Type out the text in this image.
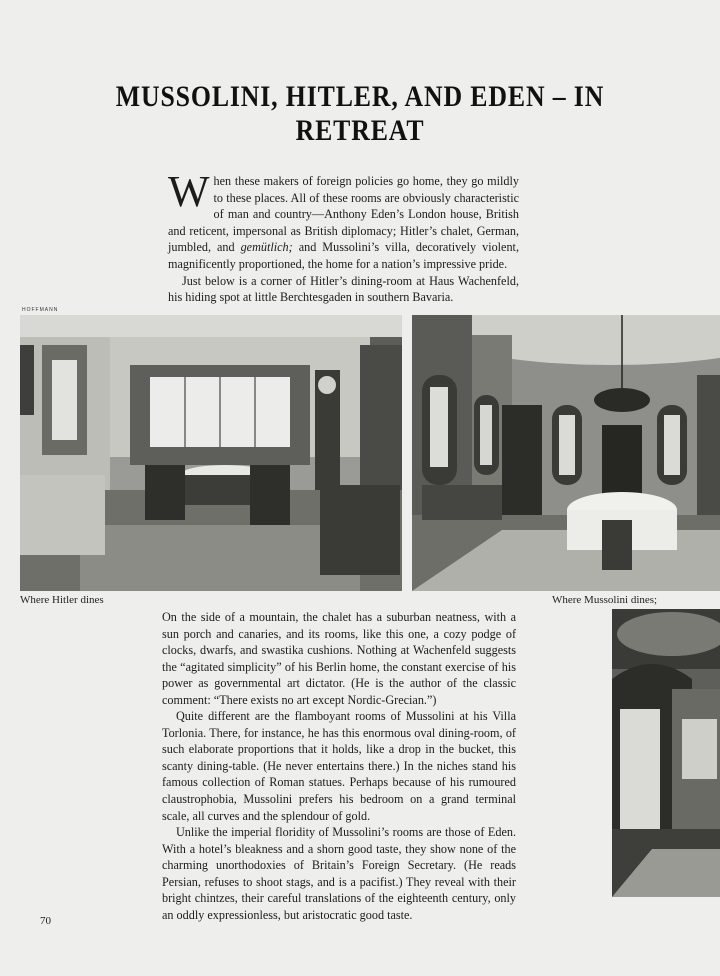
MUSSOLINI, HITLER, AND EDEN – IN RETREAT

When these makers of foreign policies go home, they go mildly to these places. All of these rooms are obviously characteristic of man and country—Anthony Eden’s London house, British and reticent, impersonal as British diplomacy; Hitler’s chalet, German, jumbled, and gemütlich; and Mussolini’s villa, decoratively violent, magnificently proportioned, the home for a nation’s impressive pride.

Just below is a corner of Hitler’s dining-room at Haus Wachenfeld, his hiding spot at little Berchtesgaden in southern Bavaria.

HOFFMANN
Where Hitler dines	Where Mussolini dines;

On the side of a mountain, the chalet has a suburban neatness, with a sun porch and canaries, and its rooms, like this one, a cozy podge of clocks, dwarfs, and swastika cushions. Nothing at Wachenfeld suggests the “agitated simplicity” of his Berlin home, the constant exercise of his power as governmental art dictator. (He is the author of the classic comment: “There exists no art except Nordic-Grecian.”)

Quite different are the flamboyant rooms of Mussolini at his Villa Torlonia. There, for instance, he has this enormous oval dining-room, of such elaborate proportions that it holds, like a drop in the bucket, this scanty dining-table. (He never entertains there.) In the niches stand his famous collection of Roman statues. Perhaps because of his rumoured claustrophobia, Mussolini prefers his bedroom on a grand terminal scale, all curves and the splendour of gold.

Unlike the imperial floridity of Mussolini’s rooms are those of Eden. With a hotel’s bleakness and a shorn good taste, they show none of the charming unorthodoxies of Britain’s Foreign Secretary. (He reads Persian, refuses to shoot stags, and is a pacifist.) They reveal with their bright chintzes, their careful translations of the eighteenth century, only an oddly expressionless, but aristocratic good taste.

70
